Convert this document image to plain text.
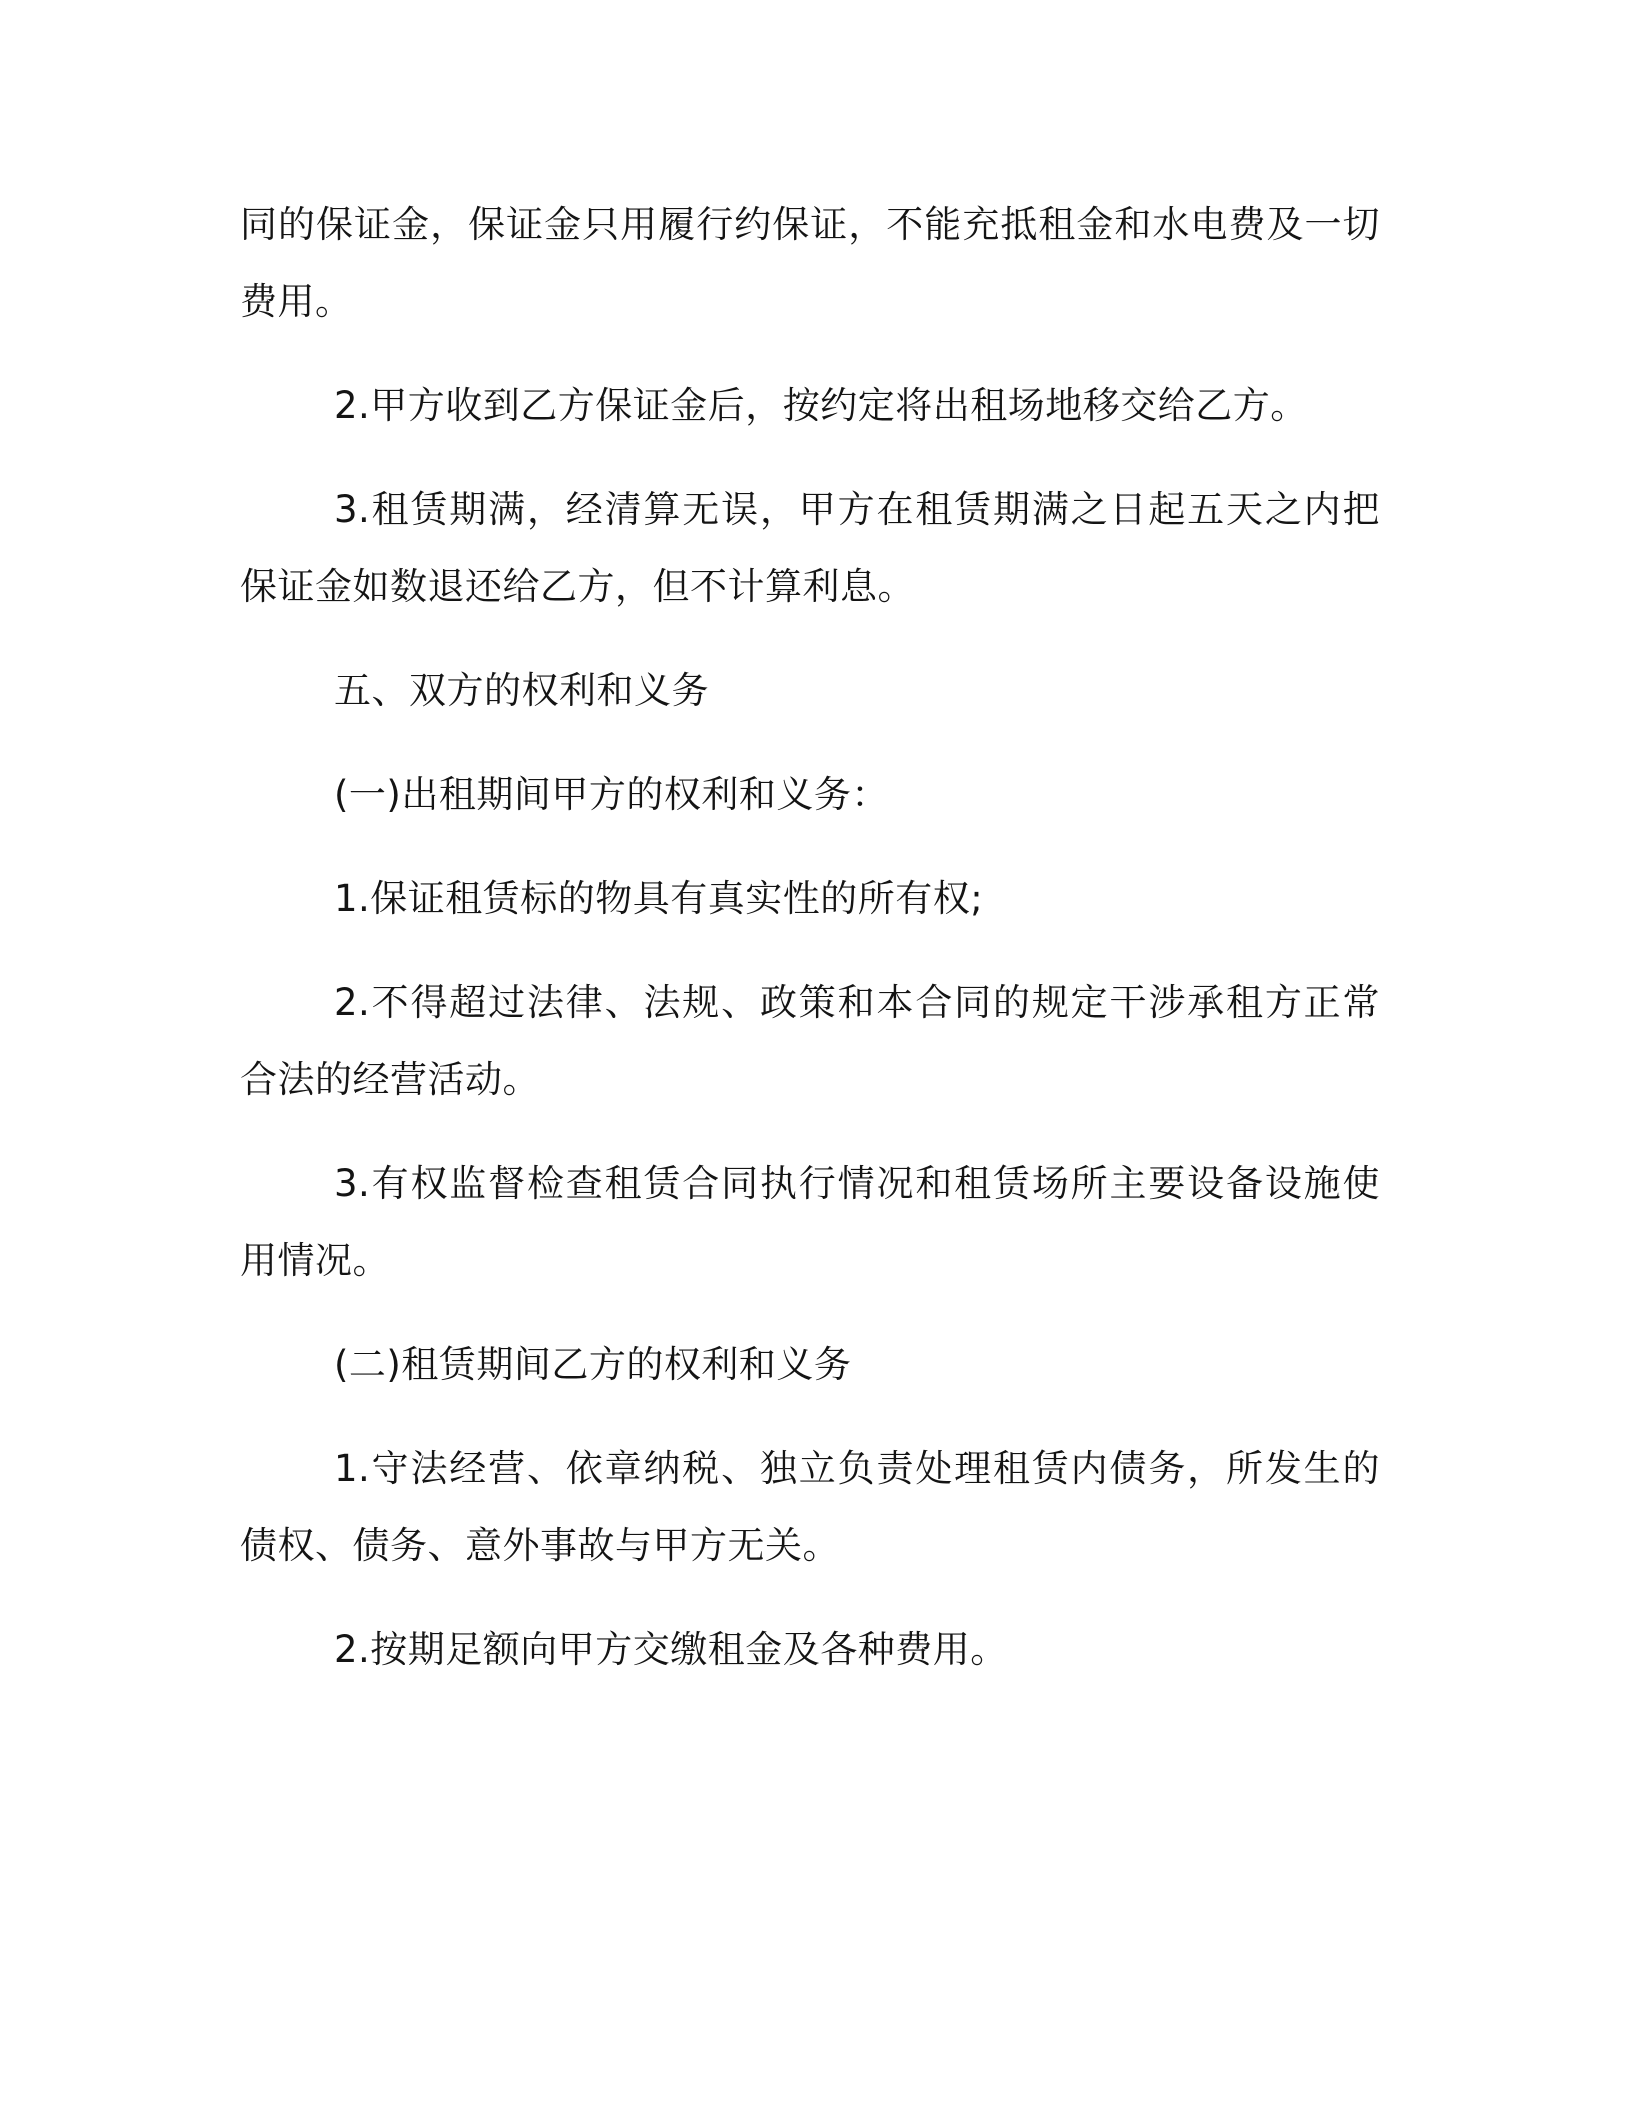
同的保证金，保证金只用履行约保证，不能充抵租金和水电费及一切费用。

2.甲方收到乙方保证金后，按约定将出租场地移交给乙方。

3.租赁期满，经清算无误，甲方在租赁期满之日起五天之内把保证金如数退还给乙方，但不计算利息。

五、双方的权利和义务

(一)出租期间甲方的权利和义务：

1.保证租赁标的物具有真实性的所有权;

2.不得超过法律、法规、政策和本合同的规定干涉承租方正常合法的经营活动。

3.有权监督检查租赁合同执行情况和租赁场所主要设备设施使用情况。

(二)租赁期间乙方的权利和义务

1.守法经营、依章纳税、独立负责处理租赁内债务，所发生的债权、债务、意外事故与甲方无关。

2.按期足额向甲方交缴租金及各种费用。
